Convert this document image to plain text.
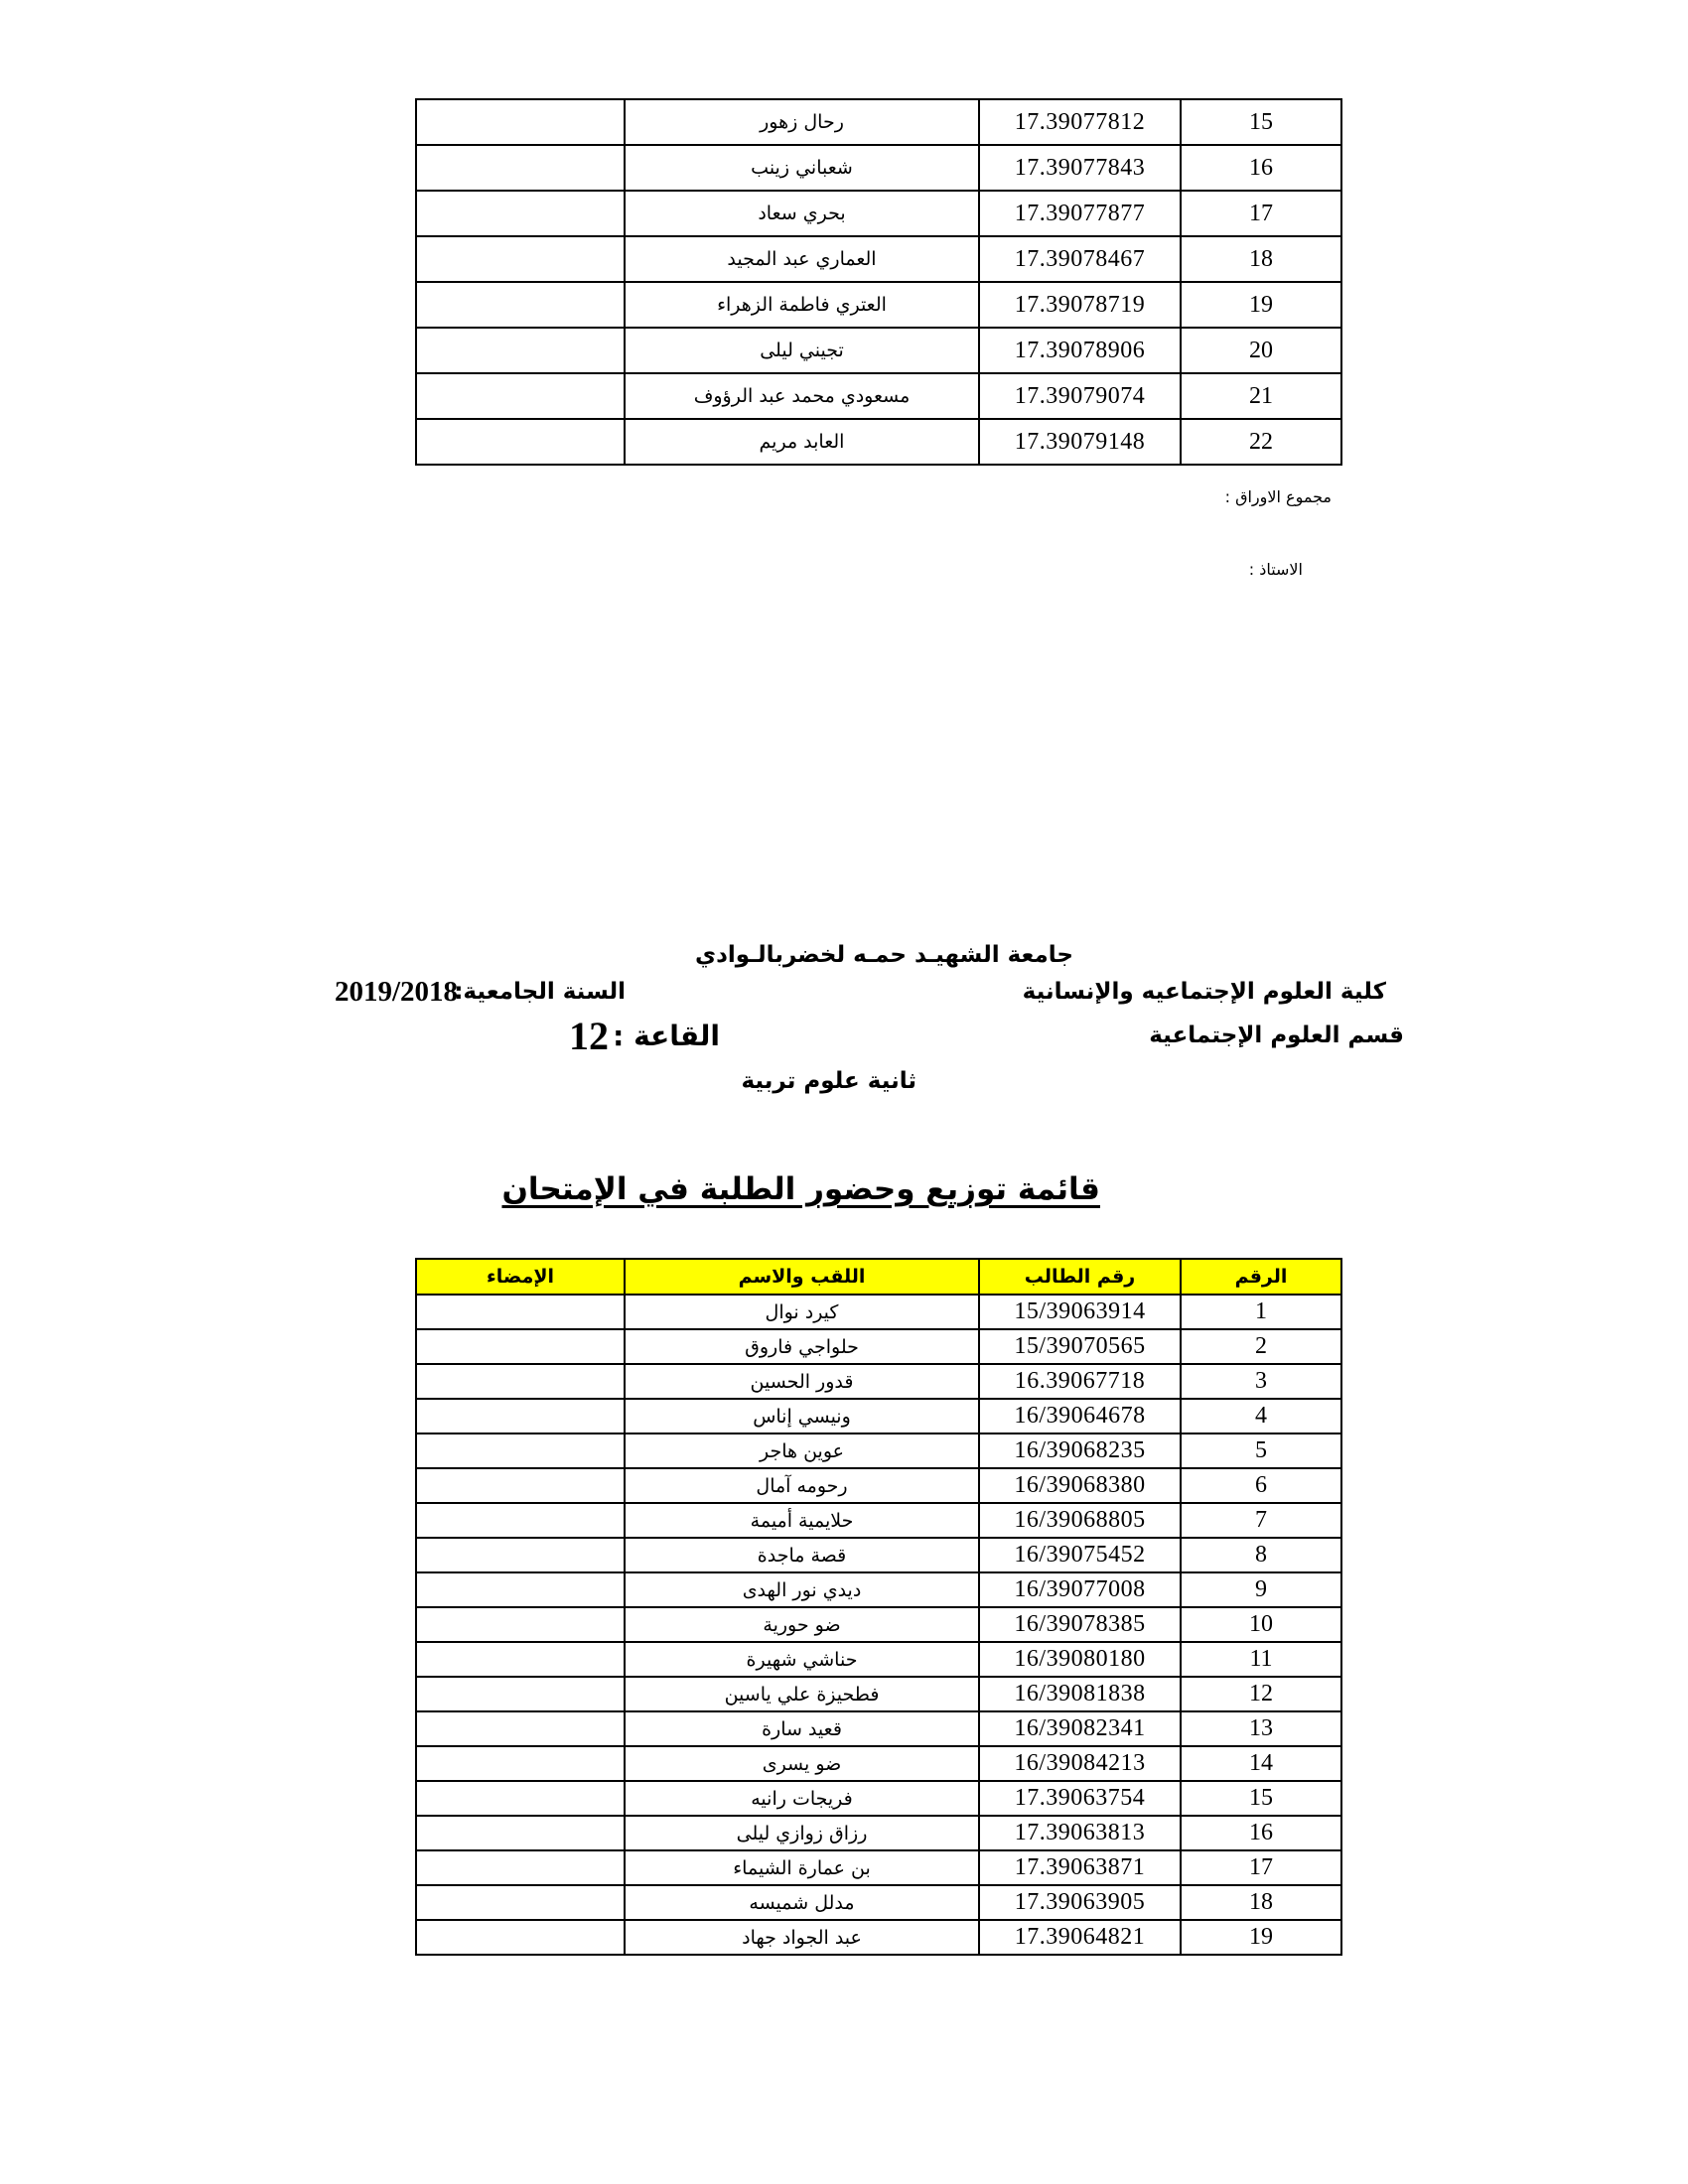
15	17.39077812	رحال زهور	
16	17.39077843	شعباني زينب	
17	17.39077877	بحري سعاد	
18	17.39078467	العماري عبد المجيد	
19	17.39078719	العتري فاطمة الزهراء	
20	17.39078906	تجيني ليلى	
21	17.39079074	مسعودي محمد عبد الرؤوف	
22	17.39079148	العابد مريم	
مجموع الاوراق :
الاستاذ :
جامعة الشهيـد حمـه لخضربالـوادي
كلية العلوم الإجتماعيه والإنسانية
السنة الجامعية:
2019/2018
قسم العلوم الإجتماعية
القاعة :
12
ثانية علوم تربية
قائمة توزيع وحضور الطلبة في الإمتحان
الرقم	رقم الطالب	اللقب والاسم	الإمضاء
1	15/39063914	كيرد نوال	
2	15/39070565	حلواجي فاروق	
3	16.39067718	قدور الحسين	
4	16/39064678	ونيسي إناس	
5	16/39068235	عوين هاجر	
6	16/39068380	رحومه آمال	
7	16/39068805	حلايمية أميمة	
8	16/39075452	قصة ماجدة	
9	16/39077008	ديدي نور الهدى	
10	16/39078385	ضو حورية	
11	16/39080180	حناشي شهيرة	
12	16/39081838	فطحيزة علي ياسين	
13	16/39082341	قعيد سارة	
14	16/39084213	ضو يسرى	
15	17.39063754	فريجات رانيه	
16	17.39063813	رزاق زوازي ليلى	
17	17.39063871	بن عمارة الشيماء	
18	17.39063905	مدلل شميسه	
19	17.39064821	عبد الجواد جهاد	
